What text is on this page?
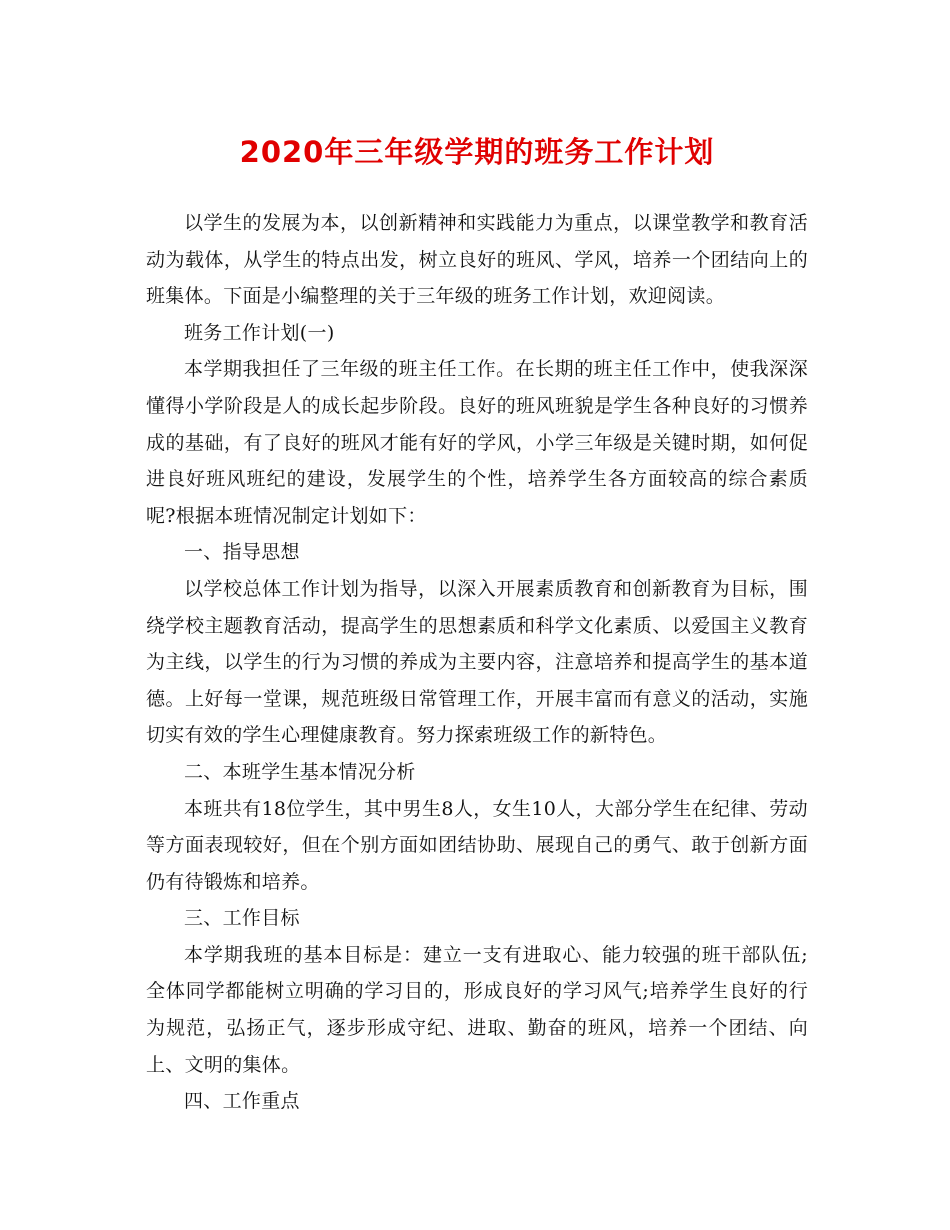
2020年三年级学期的班务工作计划

以学生的发展为本，以创新精神和实践能力为重点，以课堂教学和教育活动为载体，从学生的特点出发，树立良好的班风、学风，培养一个团结向上的班集体。下面是小编整理的关于三年级的班务工作计划，欢迎阅读。

班务工作计划(一)

本学期我担任了三年级的班主任工作。在长期的班主任工作中，使我深深懂得小学阶段是人的成长起步阶段。良好的班风班貌是学生各种良好的习惯养成的基础，有了良好的班风才能有好的学风，小学三年级是关键时期，如何促进良好班风班纪的建设，发展学生的个性，培养学生各方面较高的综合素质呢?根据本班情况制定计划如下：

一、指导思想

以学校总体工作计划为指导，以深入开展素质教育和创新教育为目标，围绕学校主题教育活动，提高学生的思想素质和科学文化素质、以爱国主义教育为主线，以学生的行为习惯的养成为主要内容，注意培养和提高学生的基本道德。上好每一堂课，规范班级日常管理工作，开展丰富而有意义的活动，实施切实有效的学生心理健康教育。努力探索班级工作的新特色。

二、本班学生基本情况分析

本班共有18位学生，其中男生8人，女生10人，大部分学生在纪律、劳动等方面表现较好，但在个别方面如团结协助、展现自己的勇气、敢于创新方面仍有待锻炼和培养。

三、工作目标

本学期我班的基本目标是：建立一支有进取心、能力较强的班干部队伍;全体同学都能树立明确的学习目的，形成良好的学习风气;培养学生良好的行为规范，弘扬正气，逐步形成守纪、进取、勤奋的班风，培养一个团结、向上、文明的集体。

四、工作重点
